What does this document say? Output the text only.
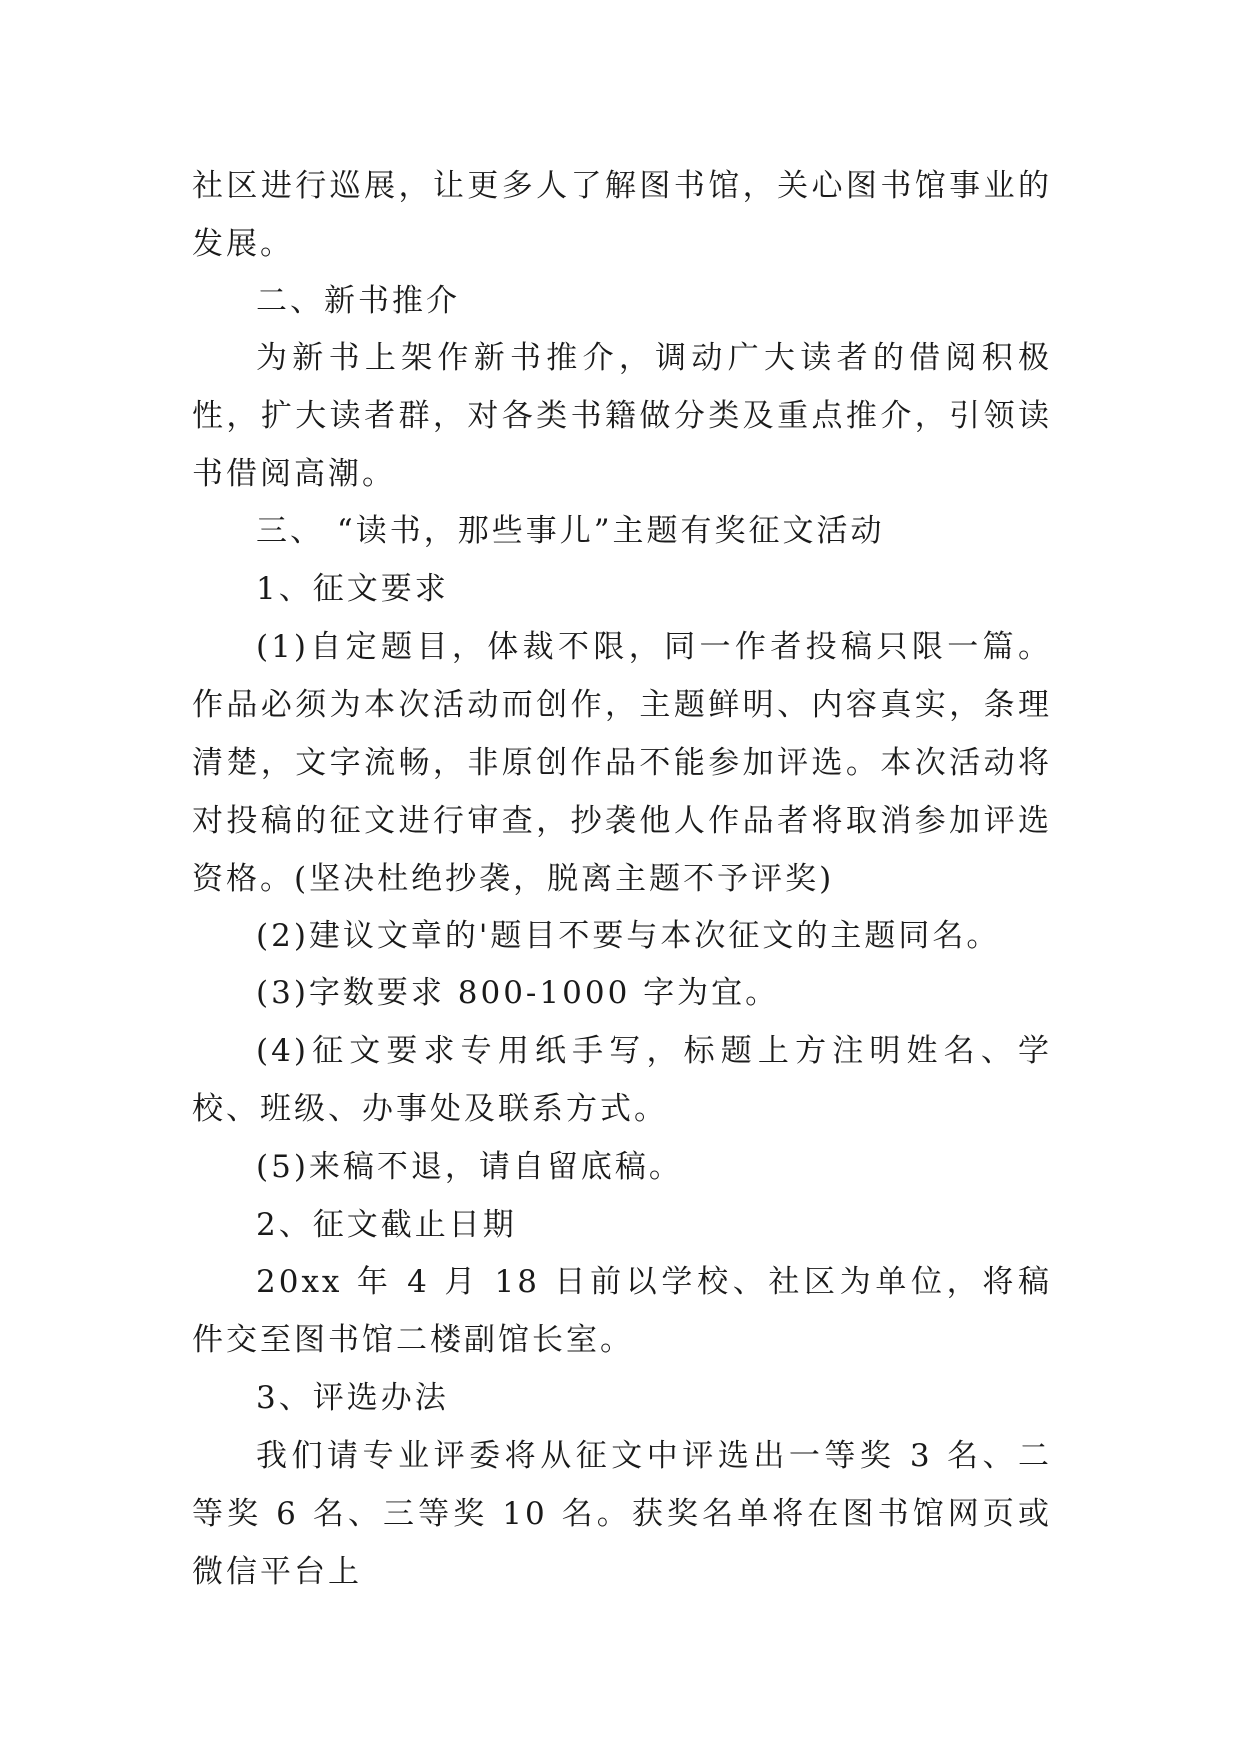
社区进行巡展，让更多人了解图书馆，关心图书馆事业的发展。

二、新书推介

为新书上架作新书推介，调动广大读者的借阅积极性，扩大读者群，对各类书籍做分类及重点推介，引领读书借阅高潮。

三、 “读书，那些事儿”主题有奖征文活动

1、征文要求

(1)自定题目，体裁不限，同一作者投稿只限一篇。作品必须为本次活动而创作，主题鲜明、内容真实，条理清楚，文字流畅，非原创作品不能参加评选。本次活动将对投稿的征文进行审查，抄袭他人作品者将取消参加评选资格。(坚决杜绝抄袭，脱离主题不予评奖)

(2)建议文章的'题目不要与本次征文的主题同名。

(3)字数要求 800-1000 字为宜。

(4)征文要求专用纸手写，标题上方注明姓名、学校、班级、办事处及联系方式。

(5)来稿不退，请自留底稿。

2、征文截止日期

20xx 年 4 月 18 日前以学校、社区为单位，将稿件交至图书馆二楼副馆长室。

3、评选办法

我们请专业评委将从征文中评选出一等奖 3 名、二等奖 6 名、三等奖 10 名。获奖名单将在图书馆网页或微信平台上
